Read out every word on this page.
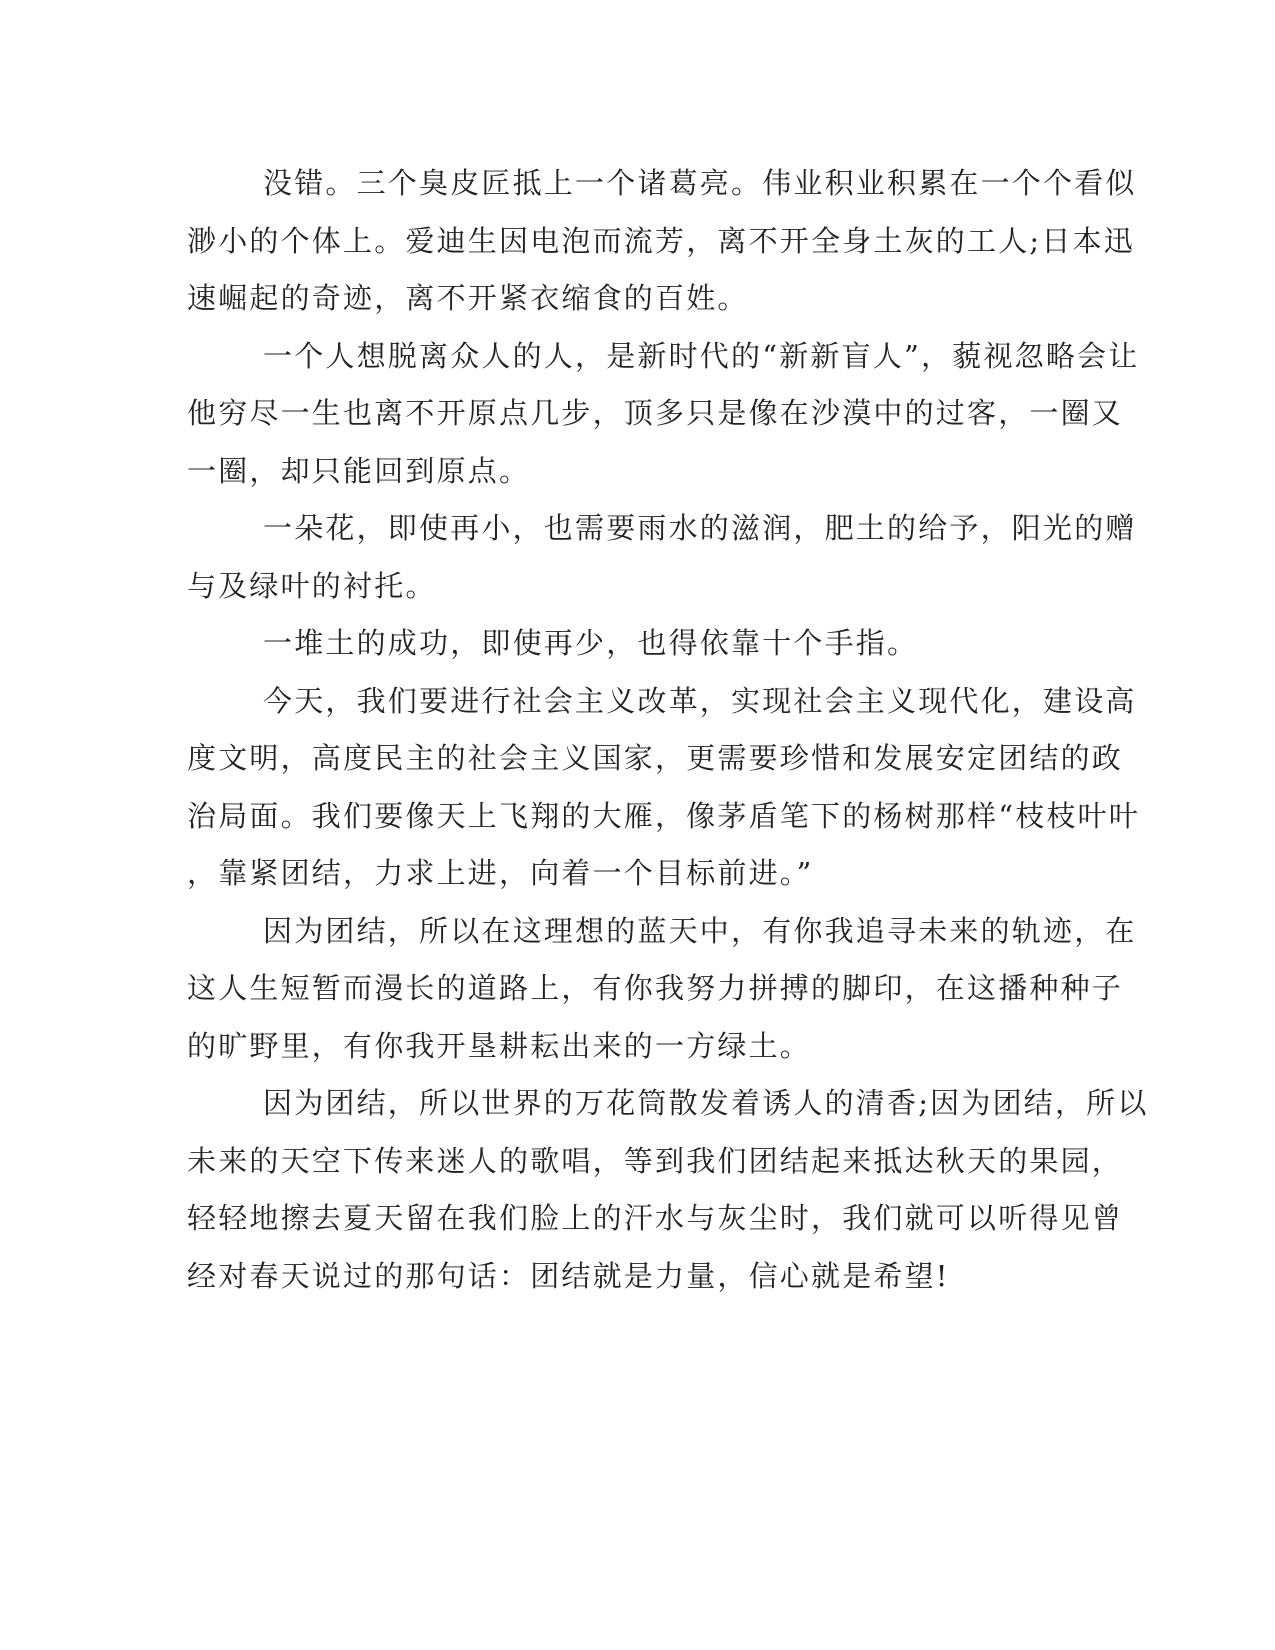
没错。三个臭皮匠抵上一个诸葛亮。伟业积业积累在一个个看似
渺小的个体上。爱迪生因电泡而流芳，离不开全身土灰的工人;日本迅
速崛起的奇迹，离不开紧衣缩食的百姓。
一个人想脱离众人的人，是新时代的“新新盲人”，藐视忽略会让
他穷尽一生也离不开原点几步，顶多只是像在沙漠中的过客，一圈又
一圈，却只能回到原点。
一朵花，即使再小，也需要雨水的滋润，肥土的给予，阳光的赠
与及绿叶的衬托。
一堆土的成功，即使再少，也得依靠十个手指。
今天，我们要进行社会主义改革，实现社会主义现代化，建设高
度文明，高度民主的社会主义国家，更需要珍惜和发展安定团结的政
治局面。我们要像天上飞翔的大雁，像茅盾笔下的杨树那样“枝枝叶叶
，靠紧团结，力求上进，向着一个目标前进。”
因为团结，所以在这理想的蓝天中，有你我追寻未来的轨迹，在
这人生短暂而漫长的道路上，有你我努力拼搏的脚印，在这播种种子
的旷野里，有你我开垦耕耘出来的一方绿土。
因为团结，所以世界的万花筒散发着诱人的清香;因为团结，所以
未来的天空下传来迷人的歌唱，等到我们团结起来抵达秋天的果园，
轻轻地擦去夏天留在我们脸上的汗水与灰尘时，我们就可以听得见曾
经对春天说过的那句话：团结就是力量，信心就是希望!
